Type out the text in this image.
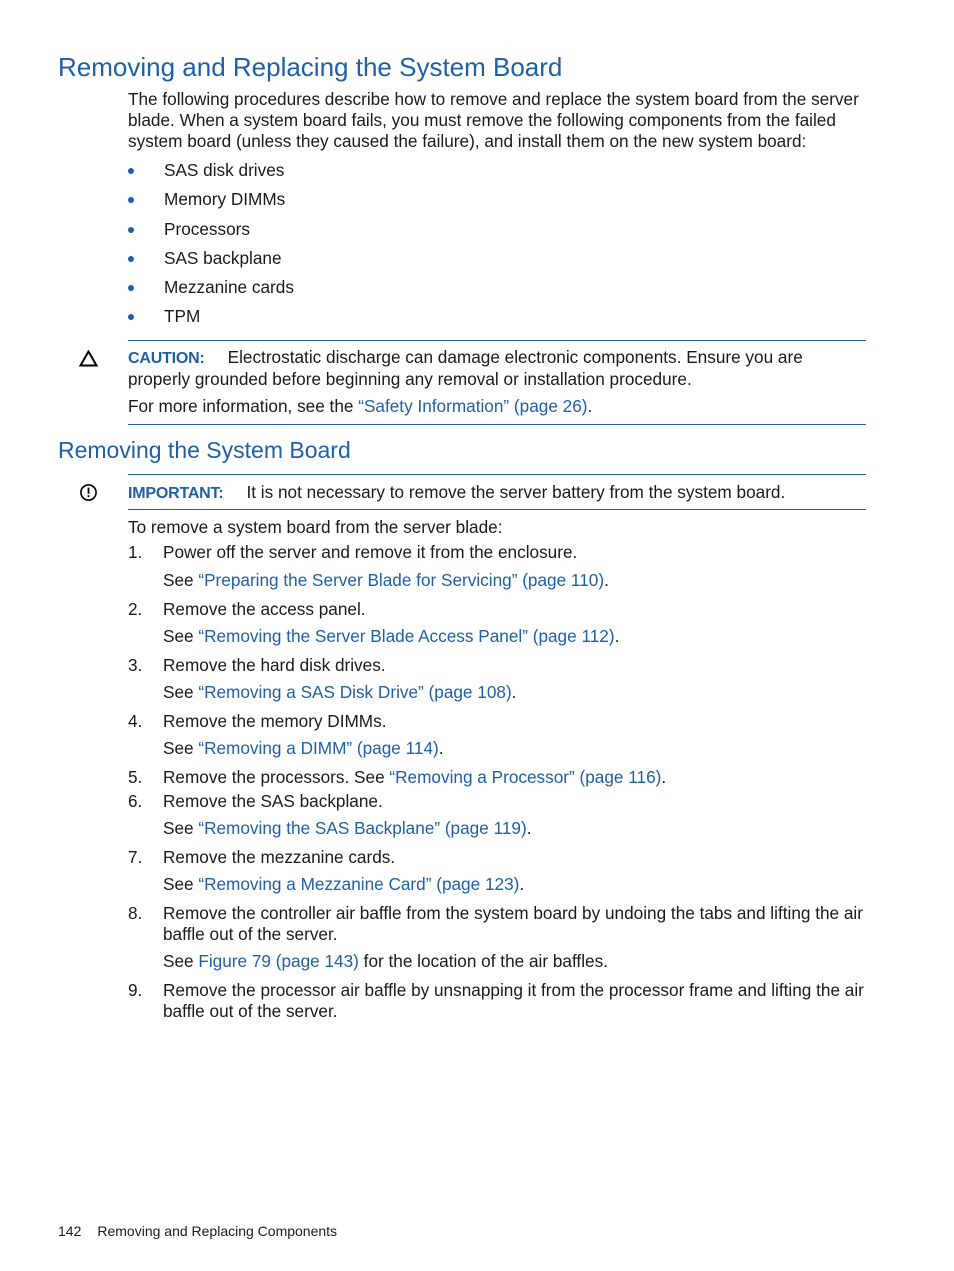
Removing and Replacing the System Board

The following procedures describe how to remove and replace the system board from the server blade. When a system board fails, you must remove the following components from the failed system board (unless they caused the failure), and install them on the new system board:

SAS disk drives
Memory DIMMs
Processors
SAS backplane
Mezzanine cards
TPM

CAUTION: Electrostatic discharge can damage electronic components. Ensure you are properly grounded before beginning any removal or installation procedure.

For more information, see the “Safety Information” (page 26).
Removing the System Board
IMPORTANT: It is not necessary to remove the server battery from the system board.
To remove a system board from the server blade:
1. Power off the server and remove it from the enclosure.

See “Preparing the Server Blade for Servicing” (page 110).
2. Remove the access panel.

See “Removing the Server Blade Access Panel” (page 112).
3. Remove the hard disk drives.

See “Removing a SAS Disk Drive” (page 108).
4. Remove the memory DIMMs.

See “Removing a DIMM” (page 114).
5. Remove the processors. See “Removing a Processor” (page 116).
6. Remove the SAS backplane.

See “Removing the SAS Backplane” (page 119).
7. Remove the mezzanine cards.

See “Removing a Mezzanine Card” (page 123).
8. Remove the controller air baffle from the system board by undoing the tabs and lifting the air baffle out of the server.

See Figure 79 (page 143) for the location of the air baffles.
9. Remove the processor air baffle by unsnapping it from the processor frame and lifting the air baffle out of the server.

142 Removing and Replacing Components
